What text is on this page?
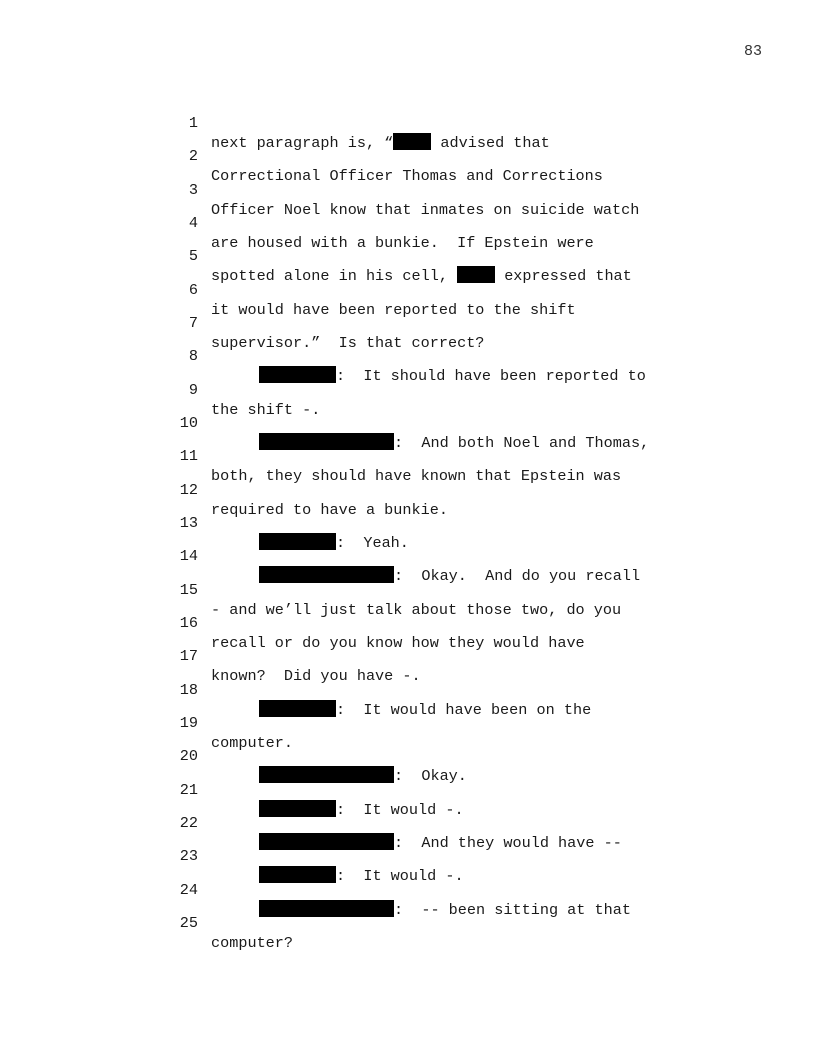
83

1

next paragraph is, “	advised that

2

Correctional Officer Thomas and Corrections

3

Officer Noel know that inmates on suicide watch

4

are housed with a bunkie.  If Epstein were

5

spotted alone in his cell,	expressed that

6

it would have been reported to the shift

7

supervisor.”  Is that correct?

8

:  It should have been reported to

9

the shift -.

10

:  And both Noel and Thomas,

11

both, they should have known that Epstein was

12

required to have a bunkie.

13

:  Yeah.

14

:  Okay.  And do you recall

15

- and we’ll just talk about those two, do you

16

recall or do you know how they would have

17

known?  Did you have -.

18

:  It would have been on the

19

computer.

20

:  Okay.

21

:  It would -.

22

:  And they would have --

23

:  It would -.

24

:  -- been sitting at that

25

computer?
